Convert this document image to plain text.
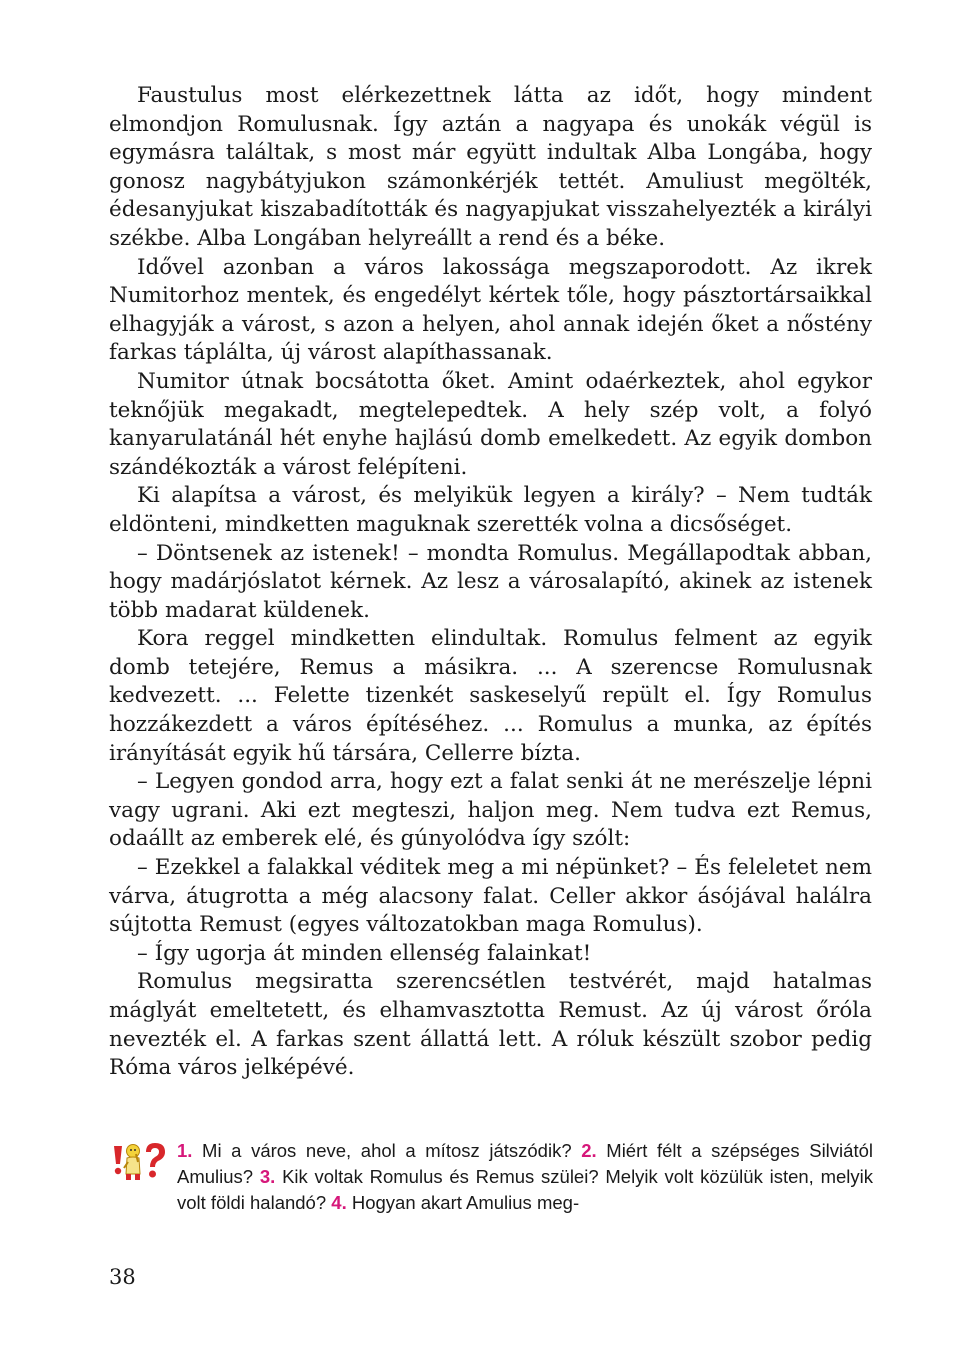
Faustulus most elérkezettnek látta az időt, hogy mindent elmondjon Romulusnak. Így aztán a nagyapa és unokák végül is egymásra találtak, s most már együtt indultak Alba Longába, hogy gonosz nagybátyjukon számonkérjék tettét. Amuliust megölték, édesanyjukat kiszabadították és nagyapjukat visszahelyezték a királyi székbe. Alba Longában helyreállt a rend és a béke.

Idővel azonban a város lakossága megszaporodott. Az ikrek Numitorhoz mentek, és engedélyt kértek tőle, hogy pásztortársaikkal elhagyják a várost, s azon a helyen, ahol annak idején őket a nőstény farkas táplálta, új várost alapíthassanak.

Numitor útnak bocsátotta őket. Amint odaérkeztek, ahol egykor teknőjük megakadt, megtelepedtek. A hely szép volt, a folyó kanyarulatánál hét enyhe hajlású domb emelkedett. Az egyik dombon szándékozták a várost felépíteni.

Ki alapítsa a várost, és melyikük legyen a király? – Nem tudták eldönteni, mindketten maguknak szerették volna a dicsőséget.

– Döntsenek az istenek! – mondta Romulus. Megállapodtak abban, hogy madárjóslatot kérnek. Az lesz a városalapító, akinek az istenek több madarat küldenek.

Kora reggel mindketten elindultak. Romulus felment az egyik domb tetejére, Remus a másikra. ... A szerencse Romulusnak kedvezett. ... Felette tizenkét saskeselyű repült el. Így Romulus hozzákezdett a város építéséhez. ... Romulus a munka, az építés irányítását egyik hű társára, Cellerre bízta.

– Legyen gondod arra, hogy ezt a falat senki át ne merészelje lépni vagy ugrani. Aki ezt megteszi, haljon meg. Nem tudva ezt Remus, odaállt az emberek elé, és gúnyolódva így szólt:

– Ezekkel a falakkal véditek meg a mi népünket? – És feleletet nem várva, átugrotta a még alacsony falat. Celler akkor ásójával halálra sújtotta Remust (egyes változatokban maga Romulus).

– Így ugorja át minden ellenség falainkat!

Romulus megsiratta szerencsétlen testvérét, majd hatalmas máglyát emeltetett, és elhamvasztotta Remust. Az új várost őróla nevezték el. A farkas szent állattá lett. A róluk készült szobor pedig Róma város jelképévé.

1. Mi a város neve, ahol a mítosz játszódik? 2. Miért félt a szépséges Silviától Amulius? 3. Kik voltak Romulus és Remus szülei? Melyik volt közülük isten, melyik volt földi halandó? 4. Hogyan akart Amulius meg-
38
